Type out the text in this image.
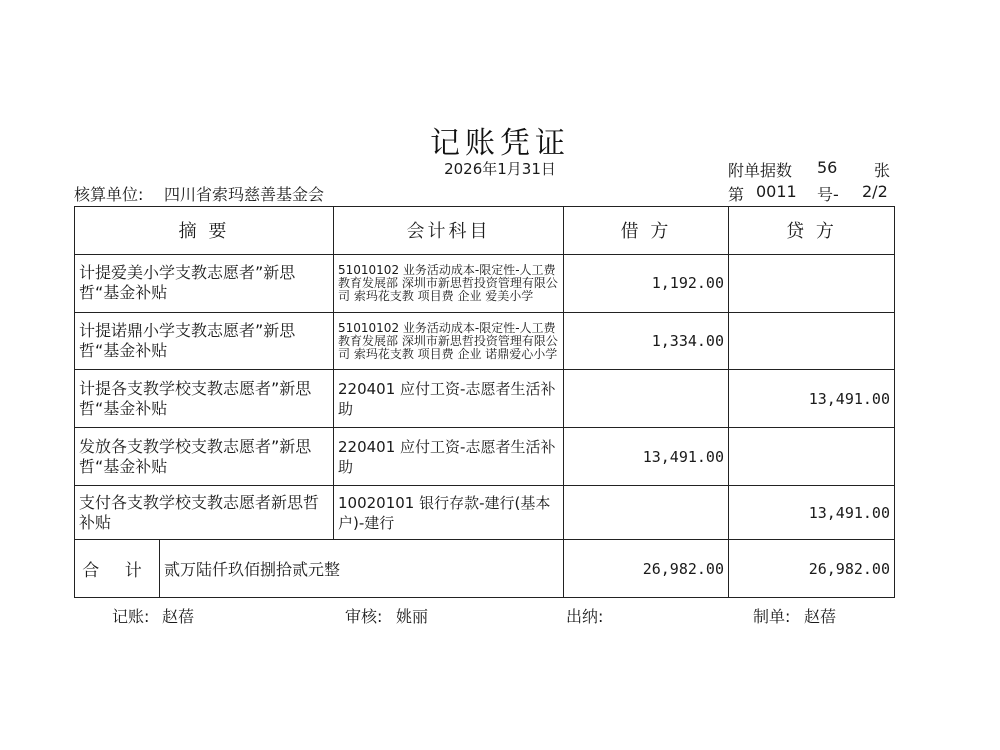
记账凭证
2026年1月31日	附单据数 56 张
核算单位: 四川省索玛慈善基金会	第 0011 号- 2/2
摘 要	会计科目	借 方	贷 方
计提爱美小学支教志愿者”新思哲“基金补贴	51010102 业务活动成本-限定性-人工费 教育发展部 深圳市新思哲投资管理有限公司 索玛花支教 项目费 企业 爱美小学	1,192.00	
计提诺鼎小学支教志愿者”新思哲“基金补贴	51010102 业务活动成本-限定性-人工费 教育发展部 深圳市新思哲投资管理有限公司 索玛花支教 项目费 企业 诺鼎爱心小学	1,334.00	
计提各支教学校支教志愿者”新思哲“基金补贴	220401 应付工资-志愿者生活补助		13,491.00
发放各支教学校支教志愿者”新思哲“基金补贴	220401 应付工资-志愿者生活补助	13,491.00	
支付各支教学校支教志愿者新思哲补贴	10020101 银行存款-建行(基本户)-建行		13,491.00

合 计 贰万陆仟玖佰捌拾贰元整		26,982.00	26,982.00
记账: 赵蓓	审核: 姚丽	出纳:	制单: 赵蓓
